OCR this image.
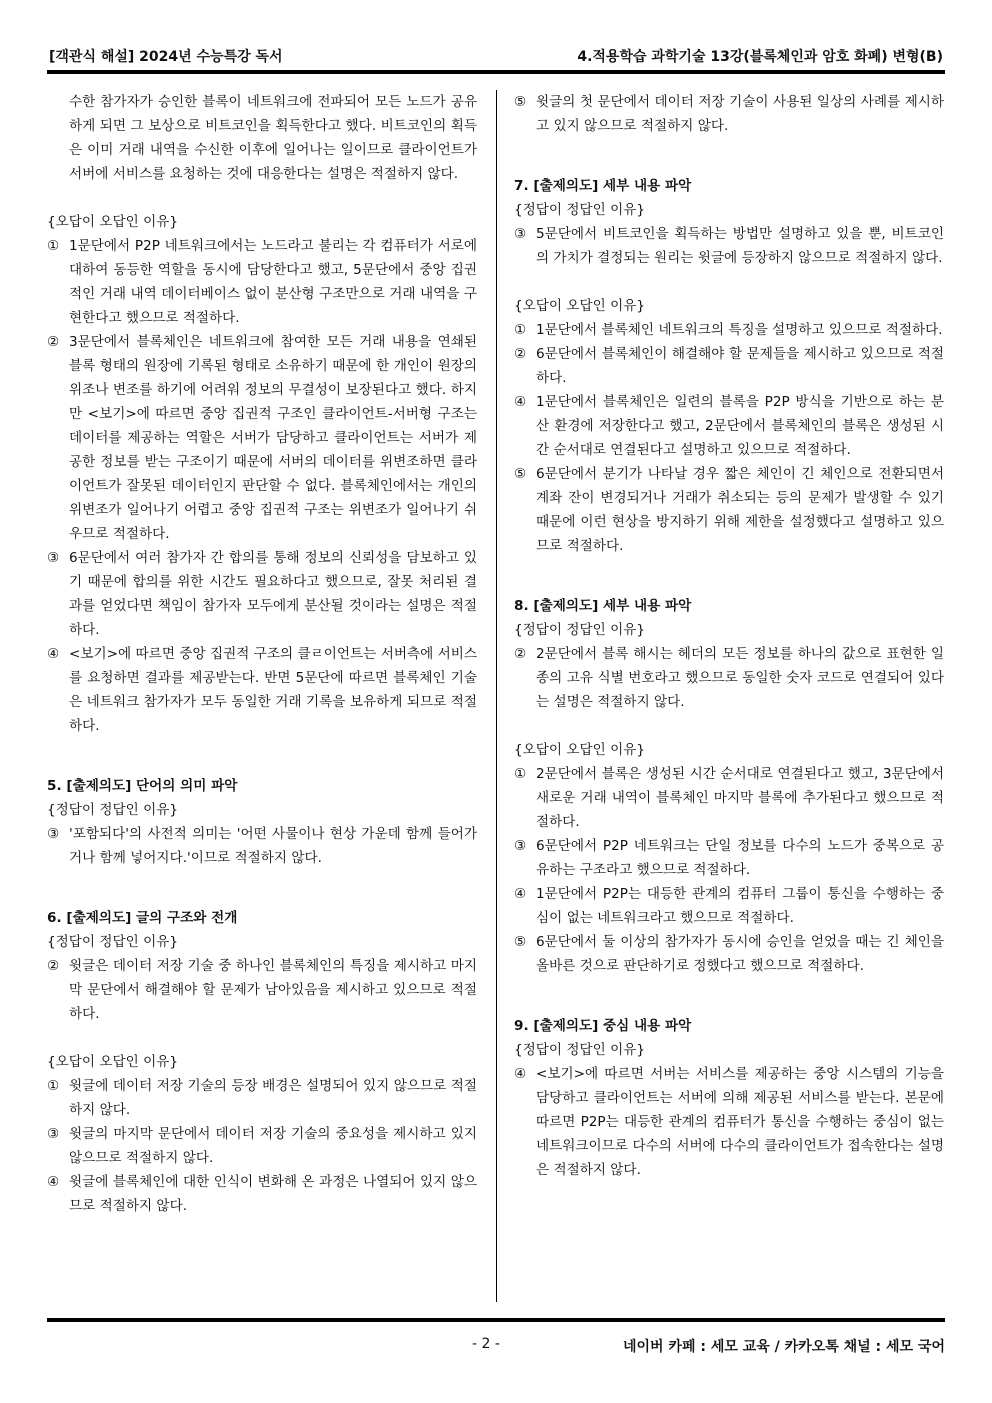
[객관식 해설] 2024년 수능특강 독서	4.적용학습 과학기술 13강(블록체인과 암호 화폐) 변형(B)
수한 참가자가 승인한 블록이 네트워크에 전파되어 모든 노드가 공유하게 되면 그 보상으로 비트코인을 획득한다고 했다. 비트코인의 획득은 이미 거래 내역을 수신한 이후에 일어나는 일이므로 클라이언트가 서버에 서비스를 요청하는 것에 대응한다는 설명은 적절하지 않다.
{오답이 오답인 이유}
① 1문단에서 P2P 네트워크에서는 노드라고 불리는 각 컴퓨터가 서로에 대하여 동등한 역할을 동시에 담당한다고 했고, 5문단에서 중앙 집권적인 거래 내역 데이터베이스 없이 분산형 구조만으로 거래 내역을 구현한다고 했으므로 적절하다.
② 3문단에서 블록체인은 네트워크에 참여한 모든 거래 내용을 연쇄된 블록 형태의 원장에 기록된 형태로 소유하기 때문에 한 개인이 원장의 위조나 변조를 하기에 어려워 정보의 무결성이 보장된다고 했다. 하지만 <보기>에 따르면 중앙 집권적 구조인 클라이언트-서버형 구조는 데이터를 제공하는 역할은 서버가 담당하고 클라이언트는 서버가 제공한 정보를 받는 구조이기 때문에 서버의 데이터를 위변조하면 클라이언트가 잘못된 데이터인지 판단할 수 없다. 블록체인에서는 개인의 위변조가 일어나기 어렵고 중앙 집권적 구조는 위변조가 일어나기 쉬우므로 적절하다.
③ 6문단에서 여러 참가자 간 합의를 통해 정보의 신뢰성을 담보하고 있기 때문에 합의를 위한 시간도 필요하다고 했으므로, 잘못 처리된 결과를 얻었다면 책임이 참가자 모두에게 분산될 것이라는 설명은 적절하다.
④ <보기>에 따르면 중앙 집권적 구조의 클ㄹ이언트는 서버측에 서비스를 요청하면 결과를 제공받는다. 반면 5문단에 따르면 블록체인 기술은 네트워크 참가자가 모두 동일한 거래 기록을 보유하게 되므로 적절하다.
5. [출제의도] 단어의 의미 파악
{정답이 정답인 이유}
③ '포함되다'의 사전적 의미는 '어떤 사물이나 현상 가운데 함께 들어가거나 함께 넣어지다.'이므로 적절하지 않다.
6. [출제의도] 글의 구조와 전개
{정답이 정답인 이유}
② 윗글은 데이터 저장 기술 중 하나인 블록체인의 특징을 제시하고 마지막 문단에서 해결해야 할 문제가 남아있음을 제시하고 있으므로 적절하다.
{오답이 오답인 이유}
① 윗글에 데이터 저장 기술의 등장 배경은 설명되어 있지 않으므로 적절하지 않다.
③ 윗글의 마지막 문단에서 데이터 저장 기술의 중요성을 제시하고 있지 않으므로 적절하지 않다.
④ 윗글에 블록체인에 대한 인식이 변화해 온 과정은 나열되어 있지 않으므로 적절하지 않다.
⑤ 윗글의 첫 문단에서 데이터 저장 기술이 사용된 일상의 사례를 제시하고 있지 않으므로 적절하지 않다.
7. [출제의도] 세부 내용 파악
{정답이 정답인 이유}
③ 5문단에서 비트코인을 획득하는 방법만 설명하고 있을 뿐, 비트코인의 가치가 결정되는 원리는 윗글에 등장하지 않으므로 적절하지 않다.
{오답이 오답인 이유}
① 1문단에서 블록체인 네트워크의 특징을 설명하고 있으므로 적절하다.
② 6문단에서 블록체인이 해결해야 할 문제들을 제시하고 있으므로 적절하다.
④ 1문단에서 블록체인은 일련의 블록을 P2P 방식을 기반으로 하는 분산 환경에 저장한다고 했고, 2문단에서 블록체인의 블록은 생성된 시간 순서대로 연결된다고 설명하고 있으므로 적절하다.
⑤ 6문단에서 분기가 나타날 경우 짧은 체인이 긴 체인으로 전환되면서 계좌 잔이 변경되거나 거래가 취소되는 등의 문제가 발생할 수 있기 때문에 이런 현상을 방지하기 위해 제한을 설정했다고 설명하고 있으므로 적절하다.
8. [출제의도] 세부 내용 파악
{정답이 정답인 이유}
② 2문단에서 블록 해시는 헤더의 모든 정보를 하나의 값으로 표현한 일종의 고유 식별 번호라고 했으므로 동일한 숫자 코드로 연결되어 있다는 설명은 적절하지 않다.
{오답이 오답인 이유}
① 2문단에서 블록은 생성된 시간 순서대로 연결된다고 했고, 3문단에서 새로운 거래 내역이 블록체인 마지막 블록에 추가된다고 했으므로 적절하다.
③ 6문단에서 P2P 네트워크는 단일 정보를 다수의 노드가 중복으로 공유하는 구조라고 했으므로 적절하다.
④ 1문단에서 P2P는 대등한 관계의 컴퓨터 그룹이 통신을 수행하는 중심이 없는 네트워크라고 했으므로 적절하다.
⑤ 6문단에서 둘 이상의 참가자가 동시에 승인을 얻었을 때는 긴 체인을 올바른 것으로 판단하기로 정했다고 했으므로 적절하다.
9. [출제의도] 중심 내용 파악
{정답이 정답인 이유}
④ <보기>에 따르면 서버는 서비스를 제공하는 중앙 시스템의 기능을 담당하고 클라이언트는 서버에 의해 제공된 서비스를 받는다. 본문에 따르면 P2P는 대등한 관계의 컴퓨터가 통신을 수행하는 중심이 없는 네트워크이므로 다수의 서버에 다수의 클라이언트가 접속한다는 설명은 적절하지 않다.
- 2 -	네이버 카페 : 세모 교육 / 카카오톡 채널 : 세모 국어
